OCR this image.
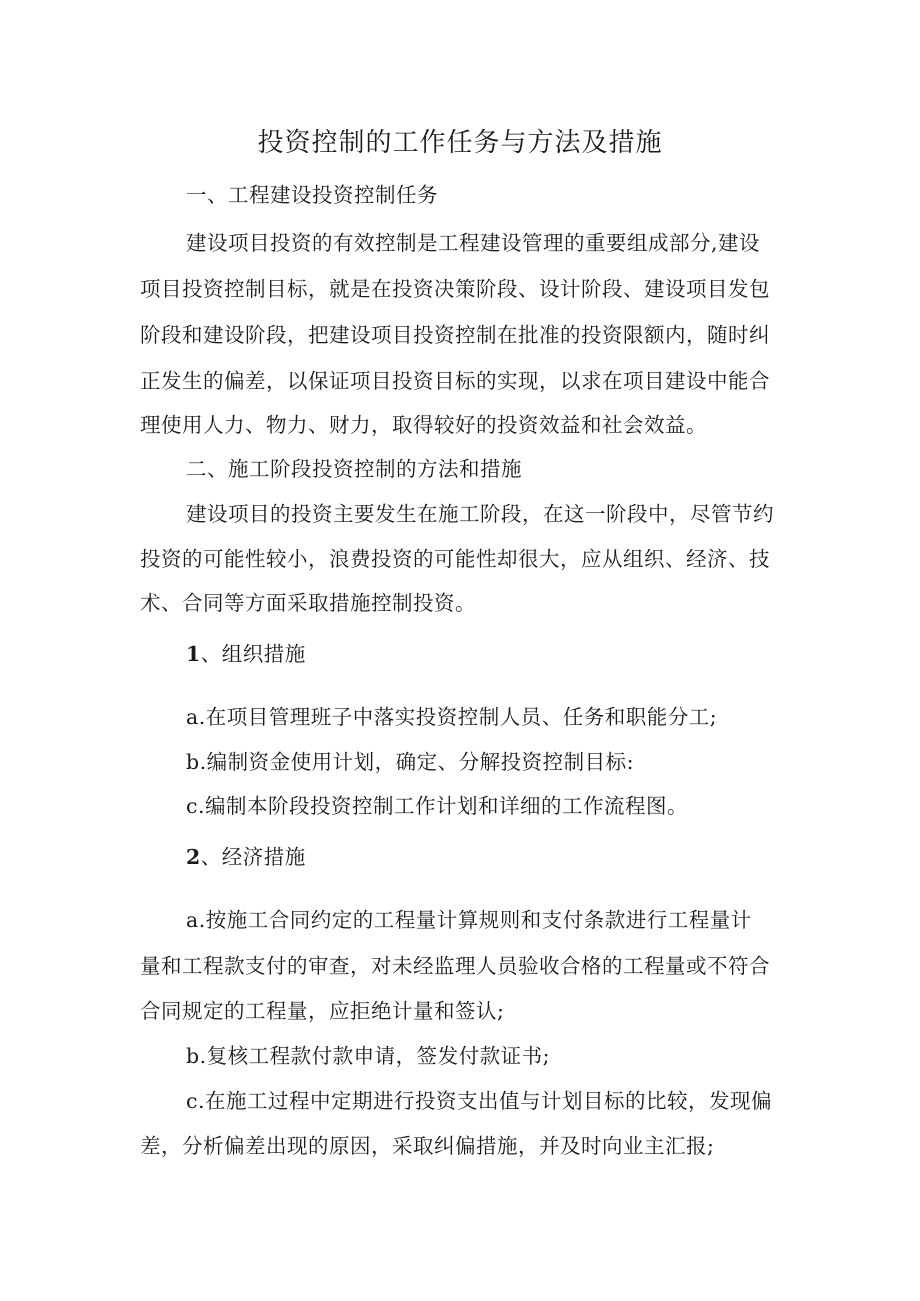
投资控制的工作任务与方法及措施
一、工程建设投资控制任务
建设项目投资的有效控制是工程建设管理的重要组成部分,建设
项目投资控制目标，就是在投资决策阶段、设计阶段、建设项目发包
阶段和建设阶段，把建设项目投资控制在批准的投资限额内，随时纠
正发生的偏差，以保证项目投资目标的实现，以求在项目建设中能合
理使用人力、物力、财力，取得较好的投资效益和社会效益。
二、施工阶段投资控制的方法和措施
建设项目的投资主要发生在施工阶段，在这一阶段中，尽管节约
投资的可能性较小，浪费投资的可能性却很大，应从组织、经济、技
术、合同等方面采取措施控制投资。
1、组织措施
a.在项目管理班子中落实投资控制人员、任务和职能分工;
b.编制资金使用计划，确定、分解投资控制目标:
c.编制本阶段投资控制工作计划和详细的工作流程图。
2、经济措施
a.按施工合同约定的工程量计算规则和支付条款进行工程量计
量和工程款支付的审查，对未经监理人员验收合格的工程量或不符合
合同规定的工程量，应拒绝计量和签认;
b.复核工程款付款申请，签发付款证书;
c.在施工过程中定期进行投资支出值与计划目标的比较，发现偏
差，分析偏差出现的原因，采取纠偏措施，并及时向业主汇报;
